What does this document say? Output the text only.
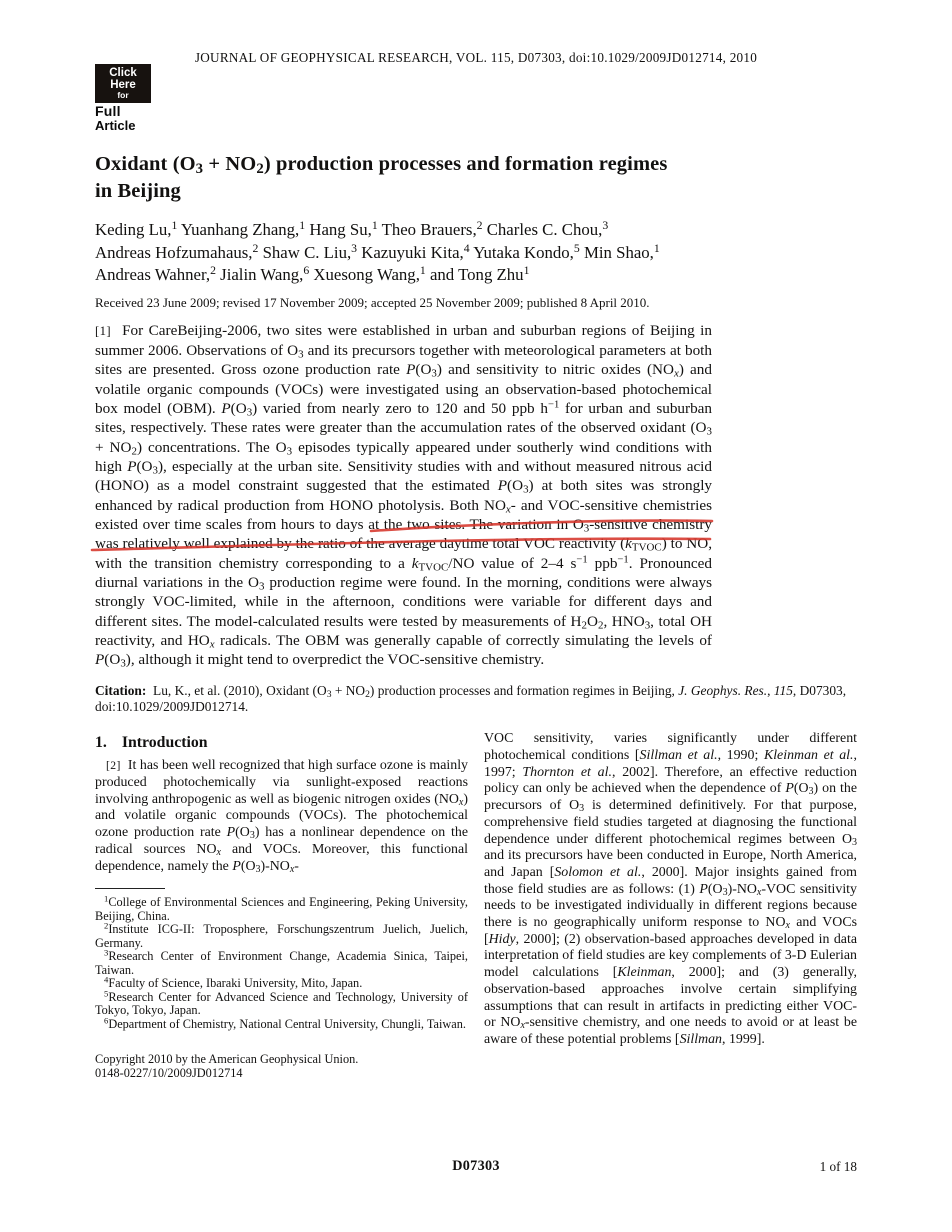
Click
Here
for
Full
Article
JOURNAL OF GEOPHYSICAL RESEARCH, VOL. 115, D07303, doi:10.1029/2009JD012714, 2010
Oxidant $(O_3 + NO_2)$ production processes and formation regimes
in Beijing
Keding Lu,$^1$ Yuanhang Zhang,$^1$ Hang Su,$^1$ Theo Brauers,$^2$ Charles C. Chou,$^3$
Andreas Hofzumahaus,$^2$ Shaw C. Liu,$^3$ Kazuyuki Kita,$^4$ Yutaka Kondo,$^5$ Min Shao,$^1$
Andreas Wahner,$^2$ Jialin Wang,$^6$ Xuesong Wang,$^1$ and Tong Zhu$^1$
Received 23 June 2009; revised 17 November 2009; accepted 25 November 2009; published 8 April 2010.

[1]  For CareBeijing-2006, two sites were established in urban and suburban regions of Beijing in summer 2006. Observations of $O_3$ and its precursors together with meteorological parameters at both sites are presented. Gross ozone production rate $P(O_3)$ and sensitivity to nitric oxides $(NO_x)$ and volatile organic compounds (VOCs) were investigated using an observation-based photochemical box model (OBM). $P(O_3)$ varied from nearly zero to 120 and 50 ppb $h^{-1}$ for urban and suburban sites, respectively. These rates were greater than the accumulation rates of the observed oxidant $(O_3 + NO_2)$ concentrations. The $O_3$ episodes typically appeared under southerly wind conditions with high $P(O_3)$, especially at the urban site. Sensitivity studies with and without measured nitrous acid (HONO) as a model constraint suggested that the estimated $P(O_3)$ at both sites was strongly enhanced by radical production from HONO photolysis. Both $NO_x-$ and VOC-sensitive chemistries existed over time scales from hours to days at the two sites. The variation in $O_3$-sensitive chemistry was relatively well explained by the ratio of the average daytime total VOC reactivity $(k_{TVOC})$ to NO, with the transition chemistry corresponding to a $k_{TVOC}/NO$ value of 2–4 $s^{-1}$ ppb$^{-1}$. Pronounced diurnal variations in the $O_3$ production regime were found. In the morning, conditions were always strongly VOC-limited, while in the afternoon, conditions were variable for different days and different sites. The model-calculated results were tested by measurements of $H_2O_2$, $HNO_3$, total OH reactivity, and $HO_x$ radicals. The OBM was generally capable of correctly simulating the levels of $P(O_3)$, although it might tend to overpredict the VOC-sensitive chemistry.

Citation: Lu, K., et al. (2010), Oxidant $(O_3 + NO_2)$ production processes and formation regimes in Beijing, J. Geophys. Res., 115, D07303, doi:10.1029/2009JD012714.

1. Introduction

[2]  It has been well recognized that high surface ozone is mainly produced photochemically via sunlight-exposed reactions involving anthropogenic as well as biogenic nitrogen oxides $(NO_x)$ and volatile organic compounds (VOCs). The photochemical ozone production rate $P(O_3)$ has a nonlinear dependence on the radical sources $NO_x$ and VOCs. Moreover, this functional dependence, namely the $P(O_3)-NO_x-$

$^1$College of Environmental Sciences and Engineering, Peking University, Beijing, China.

$^2$Institute ICG-II: Troposphere, Forschungszentrum Juelich, Juelich, Germany.

$^3$Research Center of Environment Change, Academia Sinica, Taipei, Taiwan.

$^4$Faculty of Science, Ibaraki University, Mito, Japan.

$^5$Research Center for Advanced Science and Technology, University of Tokyo, Tokyo, Japan.

$^6$Department of Chemistry, National Central University, Chungli, Taiwan.

Copyright 2010 by the American Geophysical Union.
0148-0227/10/2009JD012714

VOC sensitivity, varies significantly under different photochemical conditions [Sillman et al., 1990; Kleinman et al., 1997; Thornton et al., 2002]. Therefore, an effective reduction policy can only be achieved when the dependence of $P(O_3)$ on the precursors of $O_3$ is determined definitively. For that purpose, comprehensive field studies targeted at diagnosing the functional dependence under different photochemical regimes between $O_3$ and its precursors have been conducted in Europe, North America, and Japan [Solomon et al., 2000]. Major insights gained from those field studies are as follows: (1) $P(O_3)-NO_x$-VOC sensitivity needs to be investigated individually in different regions because there is no geographically uniform response to $NO_x$ and VOCs [Hidy, 2000]; (2) observation-based approaches developed in data interpretation of field studies are key complements of 3-D Eulerian model calculations [Kleinman, 2000]; and (3) generally, observation-based approaches involve certain simplifying assumptions that can result in artifacts in predicting either VOC- or $NO_x$-sensitive chemistry, and one needs to avoid or at least be aware of these potential problems [Sillman, 1999].

D07303	1 of 18
